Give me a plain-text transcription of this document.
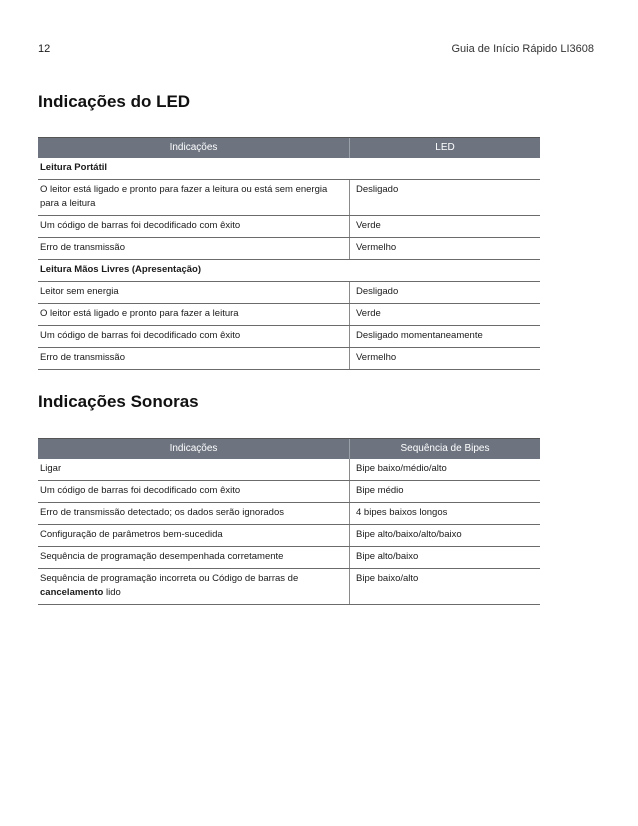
12	Guia de Início Rápido LI3608
Indicações do LED
Indicações	LED
Leitura Portátil	
O leitor está ligado e pronto para fazer a leitura ou está sem energia para a leitura	Desligado
Um código de barras foi decodificado com êxito	Verde
Erro de transmissão	Vermelho
Leitura Mãos Livres (Apresentação)	
Leitor sem energia	Desligado
O leitor está ligado e pronto para fazer a leitura	Verde
Um código de barras foi decodificado com êxito	Desligado momentaneamente
Erro de transmissão	Vermelho
Indicações Sonoras
Indicações	Sequência de Bipes
Ligar	Bipe baixo/médio/alto
Um código de barras foi decodificado com êxito	Bipe médio
Erro de transmissão detectado; os dados serão ignorados	4 bipes baixos longos
Configuração de parâmetros bem-sucedida	Bipe alto/baixo/alto/baixo
Sequência de programação desempenhada corretamente	Bipe alto/baixo
Sequência de programação incorreta ou Código de barras de cancelamento lido	Bipe baixo/alto
